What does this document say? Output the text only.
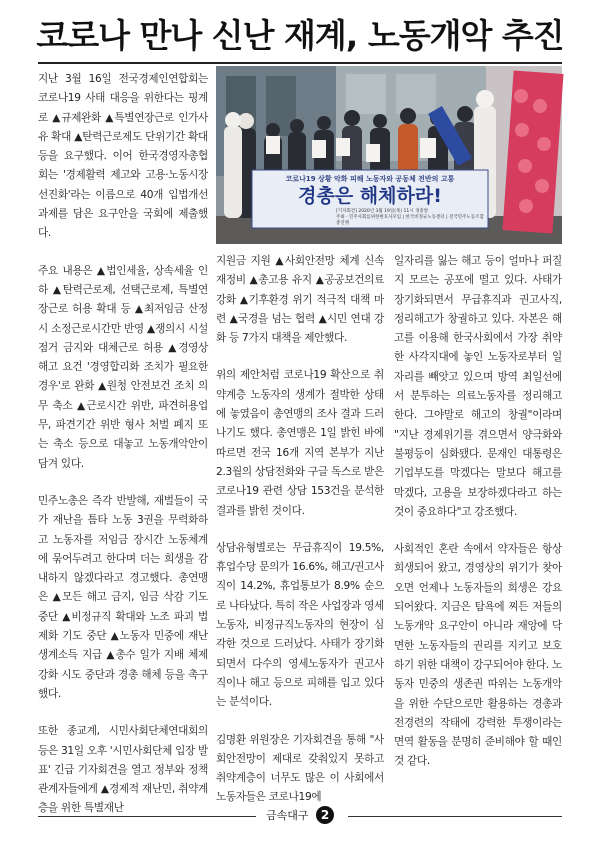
코로나 만나 신난 재계, 노동개악 추진

지난 3월 16일 전국경제인연합회는 코로나19 사태 대응을 위한다는 핑계로 ▲규제완화 ▲특별연장근로 인가사유 확대 ▲탄력근로제도 단위기간 확대 등을 요구했다. 이어 한국경영자총협회는 '경제활력 제고와 고용·노동시장 선진화'라는 이름으로 40개 입법개선 과제를 담은 요구안을 국회에 제출했다.

주요 내용은 ▲법인세율, 상속세율 인하 ▲탄력근로제, 선택근로제, 특별연장근로 허용 확대 등 ▲최저임금 산정시 소정근로시간만 반영 ▲쟁의시 시설점거 금지와 대체근로 허용 ▲경영상 해고 요건 '경영합리화 조치가 필요한 경우'로 완화 ▲원청 안전보건 조치 의무 축소 ▲근로시간 위반, 파견허용업무, 파견기간 위반 형사 처벌 폐지 또는 축소 등으로 대놓고 노동개악안이 담겨 있다.

민주노총은 즉각 반발해, 재벌들이 국가 재난을 틈타 노동 3권을 무력화하고 노동자를 저임금 장시간 노동체계에 묶어두려고 한다며 더는 희생을 감내하지 않겠다라고 경고했다. 총연맹은 ▲모든 해고 금지, 임금 삭감 기도 중단 ▲비정규직 확대와 노조 파괴 법제화 기도 중단 ▲노동자 민중에 재난 생계소득 지급 ▲총수 일가 지배 체제 강화 시도 중단과 경총 해체 등을 촉구했다.

또한 종교계, 시민사회단체연대회의 등은 31일 오후 '시민사회단체 입장 발표' 긴급 기자회견을 열고 정부와 정책관계자들에게 ▲경제적 재난민, 취약계층을 위한 특별재난

코로나19 상황 악화 피해 노동자와 공동체 전반의 고통
경총은 해체하라!
[기자회견] 2020년 3월 19일(목) 11시 경총앞
주최 · 민주사회를위한변호사모임 | 한국비정규노동센터 | 전국민주노동조합총연맹

지원금 지원 ▲사회안전망 체계 신속 재정비 ▲총고용 유지 ▲공공보건의료 강화 ▲기후환경 위기 적극적 대책 마련 ▲국경을 넘는 협력 ▲시민 연대 강화 등 7가지 대책을 제안했다.

위의 제안처럼 코로나19 확산으로 취약계층 노동자의 생계가 절박한 상태에 놓였음이 총연맹의 조사 결과 드러나기도 했다. 총연맹은 1일 밝힌 바에 따르면 전국 16개 지역 본부가 지난 2.3월의 상담전화와 구글 독스로 받은 코로나19 관련 상담 153건을 분석한 결과를 밝힌 것이다.

상담유형별로는 무급휴직이 19.5%, 휴업수당 문의가 16.6%, 해고/권고사직이 14.2%, 휴업통보가 8.9% 순으로 나타났다. 특히 작은 사업장과 영세노동자, 비정규직노동자의 현장이 심각한 것으로 드러났다. 사태가 장기화되면서 다수의 영세노동자가 권고사직이나 해고 등으로 피해를 입고 있다는 분석이다.

김명환 위원장은 기자회견을 통해 "사회안전망이 제대로 갖춰있지 못하고 취약계층이 너무도 많은 이 사회에서 노동자들은 코로나19에

일자리를 잃는 해고 등이 얼마나 퍼질지 모르는 공포에 떨고 있다. 사태가 장기화되면서 무급휴직과 권고사직, 정리해고가 창궐하고 있다. 자본은 해고를 이용해 한국사회에서 가장 취약한 사각지대에 놓인 노동자로부터 일자리를 빼앗고 있으며 방역 최일선에서 분투하는 의료노동자를 정리해고 한다. 그야말로 해고의 창궐"이라며 "지난 경제위기를 겪으면서 양극화와 불평등이 심화됐다. 문재인 대통령은 기업부도를 막겠다는 말보다 해고를 막겠다, 고용을 보장하겠다라고 하는 것이 중요하다"고 강조했다.

사회적인 혼란 속에서 약자들은 항상 희생되어 왔고, 경영상의 위기가 찾아오면 언제나 노동자들의 희생은 강요되어왔다. 지금은 탐욕에 찌든 저들의 노동개악 요구안이 아니라 재앙에 닥면한 노동자들의 권리를 지키고 보호하기 위한 대책이 강구되어야 한다. 노동자 민중의 생존권 따위는 노동개악을 위한 수단으로만 활용하는 경총과 전경련의 작태에 강력한 투쟁이라는 면역 활동을 분명히 준비해야 할 때인 것 같다.

금속대구 2
